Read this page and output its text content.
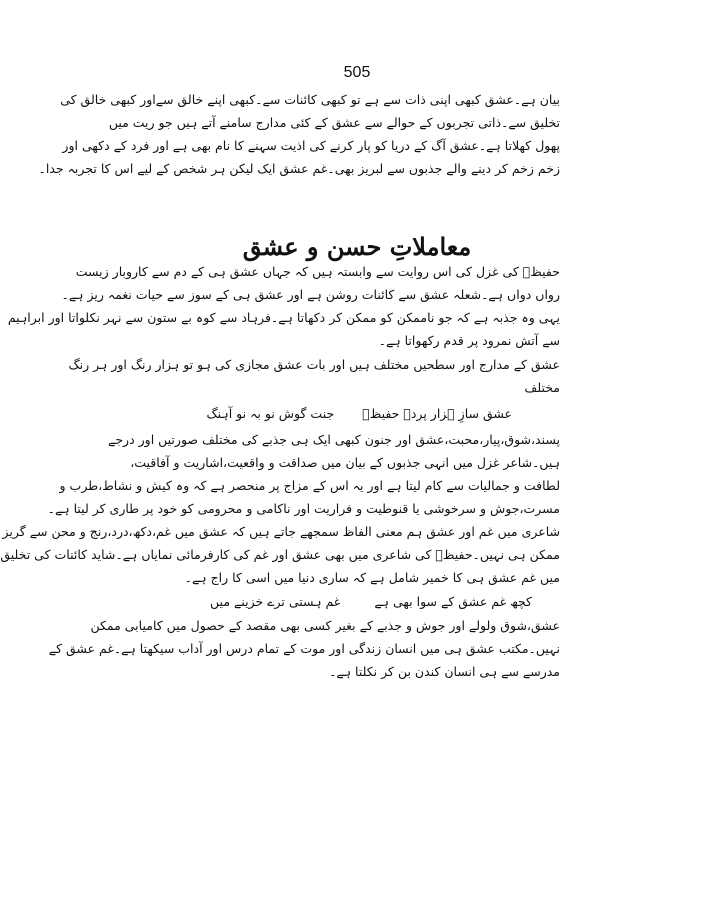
505
بیان ہے۔عشق کبھی اپنی ذات سے ہے تو کبھی کائنات سے۔کبھی اپنے خالق سےاور کبھی خالق کی
تخلیق سے۔ذاتی تجربوں کے حوالے سے عشق کے کئی مدارج سامنے آتے ہیں جو ریت میں
پھول کھلاتا ہے۔عشق آگ کے دریا کو پار کرنے کی اذیت سہنے کا نام بھی ہے اور فرد کے دکھی اور
زخم زخم کر دینے والے جذبوں سے لبریز بھی۔غم عشق ایک لیکن ہر شخص کے لیے اس کا تجربہ جدا۔
معاملاتِ حسن و عشق
حفیظؔ کی غزل کی اس روایت سے وابستہ ہیں کہ جہاں عشق ہی کے دم سے کاروبار زیست
رواں دواں ہے۔شعلہ عشق سے کائنات روشن ہے اور عشق ہی کے سوز سے حیات نغمہ ریز ہے۔
یہی وہ جذبہ ہے کہ جو ناممکن کو ممکن کر دکھاتا ہے۔فرہاد سے کوہ بے ستون سے نہر نکلواتا اور ابراہیم
سے آتش نمرود پر قدم رکھواتا ہے۔
عشق کے مدارج اور سطحیں مختلف ہیں اور بات عشق مجازی کی ہو تو ہزار رنگ اور ہر رنگ
مختلف
عشق سازِ ہزار پردہ حفیظؔ
جنت گوش نو بہ نو آہنگ
پسند،شوق،پیار،محبت،عشق اور جنون کبھی ایک ہی جذبے کی مختلف صورتیں اور درجے
ہیں۔شاعر غزل میں انہی جذبوں کے بیان میں صداقت و واقعیت،اشاریت و آفاقیت،
لطافت و جمالیات سے کام لیتا ہے اور یہ اس کے مزاج پر منحصر ہے کہ وہ کیش و نشاط،طرب و
مسرت،جوش و سرخوشی یا قنوطیت و فراریت اور ناکامی و محرومی کو خود پر طاری کر لیتا ہے۔
شاعری میں غم اور عشق ہم معنی الفاظ سمجھے جاتے ہیں کہ عشق میں غم،دکھ،درد،رنج و محن سے گریز
ممکن ہی نہیں۔حفیظؔ کی شاعری میں بھی عشق اور غم کی کارفرمائی نمایاں ہے۔شاید کائنات کی تخلیق
میں غم عشق ہی کا خمیر شامل ہے کہ ساری دنیا میں اسی کا راج ہے۔
کچھ غم عشق کے سوا بھی ہے
غم ہستی ترے خزینے میں
عشق،شوق ولولے اور جوش و جذبے کے بغیر کسی بھی مقصد کے حصول میں کامیابی ممکن
نہیں۔مکتب عشق ہی میں انسان زندگی اور موت کے تمام درس اور آداب سیکھتا ہے۔غم عشق کے
مدرسے سے ہی انسان کندن بن کر نکلتا ہے۔
